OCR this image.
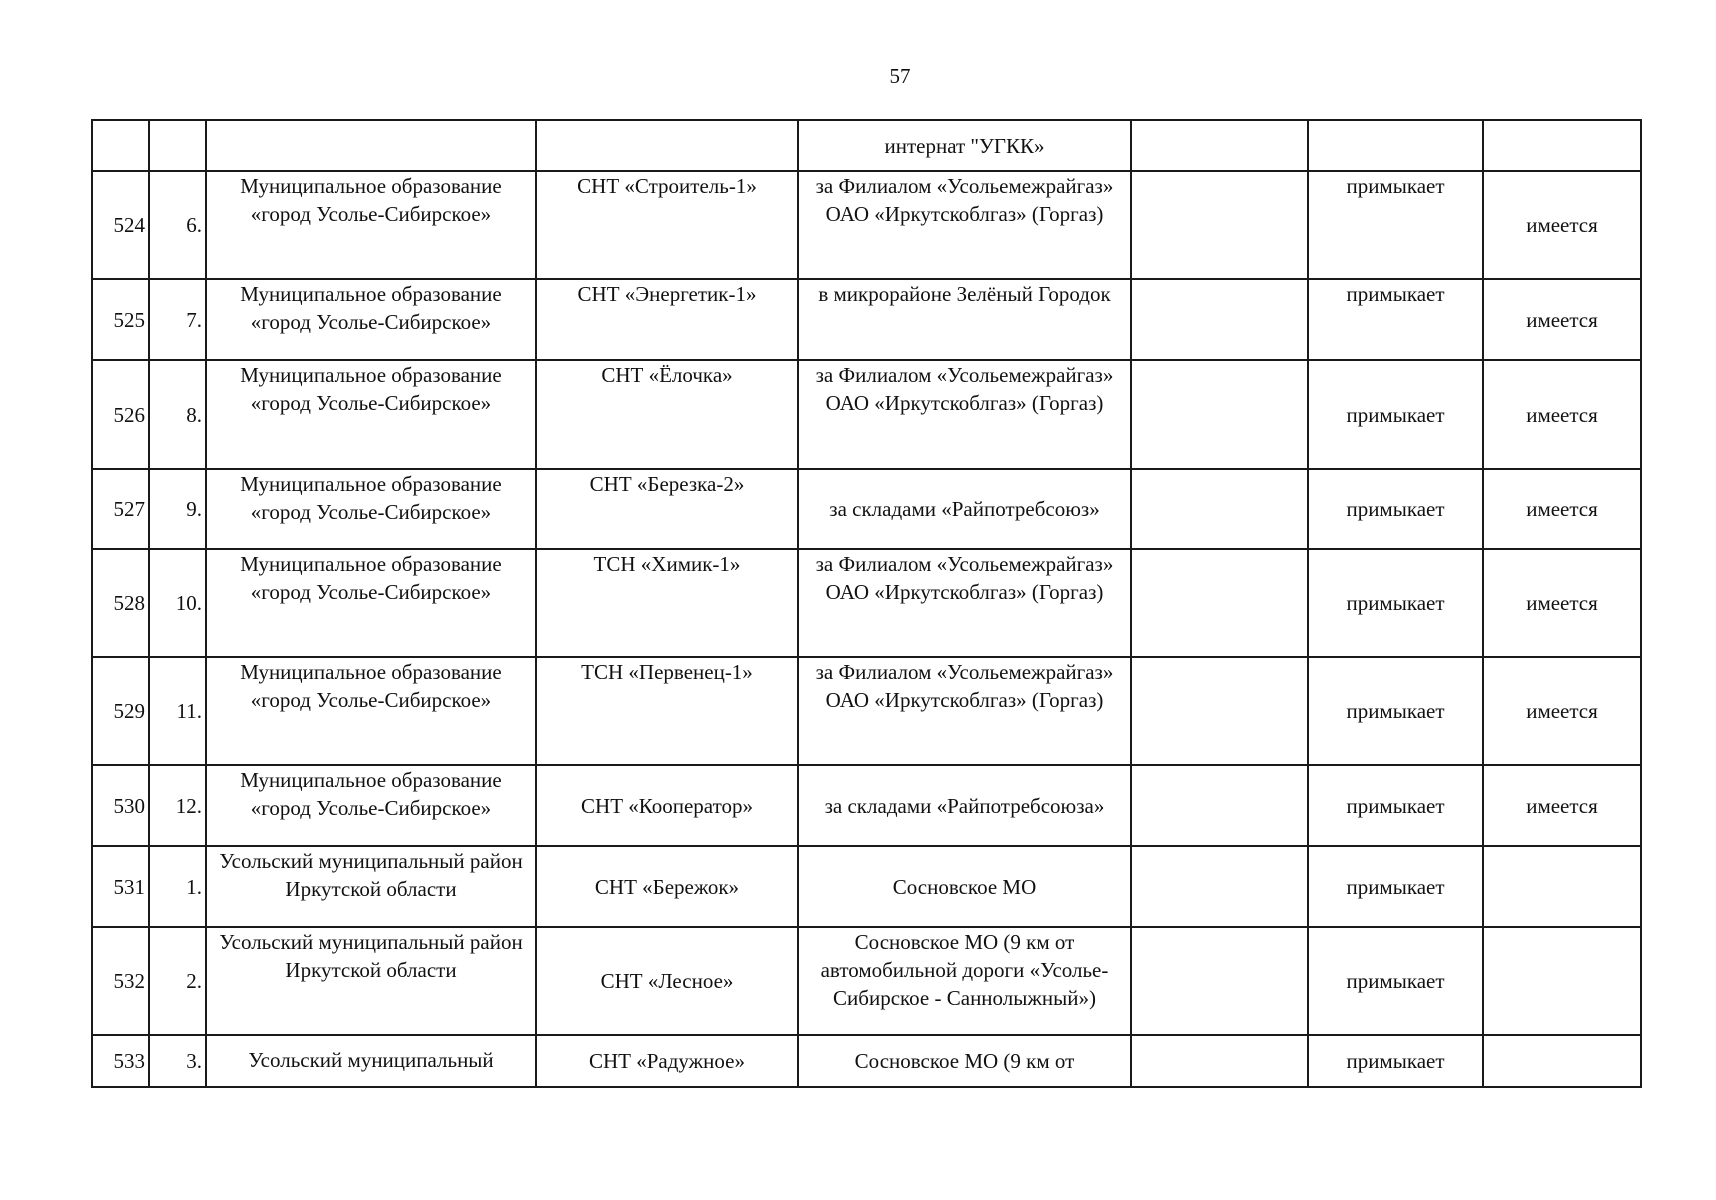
57
				интернат "УГКК»			
524	6.	Муниципальное образование «город Усолье-Сибирское»	СНТ «Строитель-1»	за Филиалом «Усольемежрайгаз» ОАО «Иркутскоблгаз» (Горгаз)		примыкает	имеется
525	7.	Муниципальное образование «город Усолье-Сибирское»	СНТ «Энергетик-1»	в микрорайоне Зелёный Городок		примыкает	имеется
526	8.	Муниципальное образование «город Усолье-Сибирское»	СНТ «Ёлочка»	за Филиалом «Усольемежрайгаз» ОАО «Иркутскоблгаз» (Горгаз)		примыкает	имеется
527	9.	Муниципальное образование «город Усолье-Сибирское»	СНТ «Березка-2»	за складами «Райпотребсоюз»		примыкает	имеется
528	10.	Муниципальное образование «город Усолье-Сибирское»	ТСН «Химик-1»	за Филиалом «Усольемежрайгаз» ОАО «Иркутскоблгаз» (Горгаз)		примыкает	имеется
529	11.	Муниципальное образование «город Усолье-Сибирское»	ТСН «Первенец-1»	за Филиалом «Усольемежрайгаз» ОАО «Иркутскоблгаз» (Горгаз)		примыкает	имеется
530	12.	Муниципальное образование «город Усолье-Сибирское»	СНТ «Кооператор»	за складами «Райпотребсоюза»		примыкает	имеется
531	1.	Усольский муниципальный район Иркутской области	СНТ «Бережок»	Сосновское МО		примыкает	
532	2.	Усольский муниципальный район Иркутской области	СНТ «Лесное»	Сосновское МО (9 км от автомобильной дороги «Усолье-Сибирское - Саннолыжный»)		примыкает	
533	3.	Усольский муниципальный	СНТ «Радужное»	Сосновское МО (9 км от		примыкает	
